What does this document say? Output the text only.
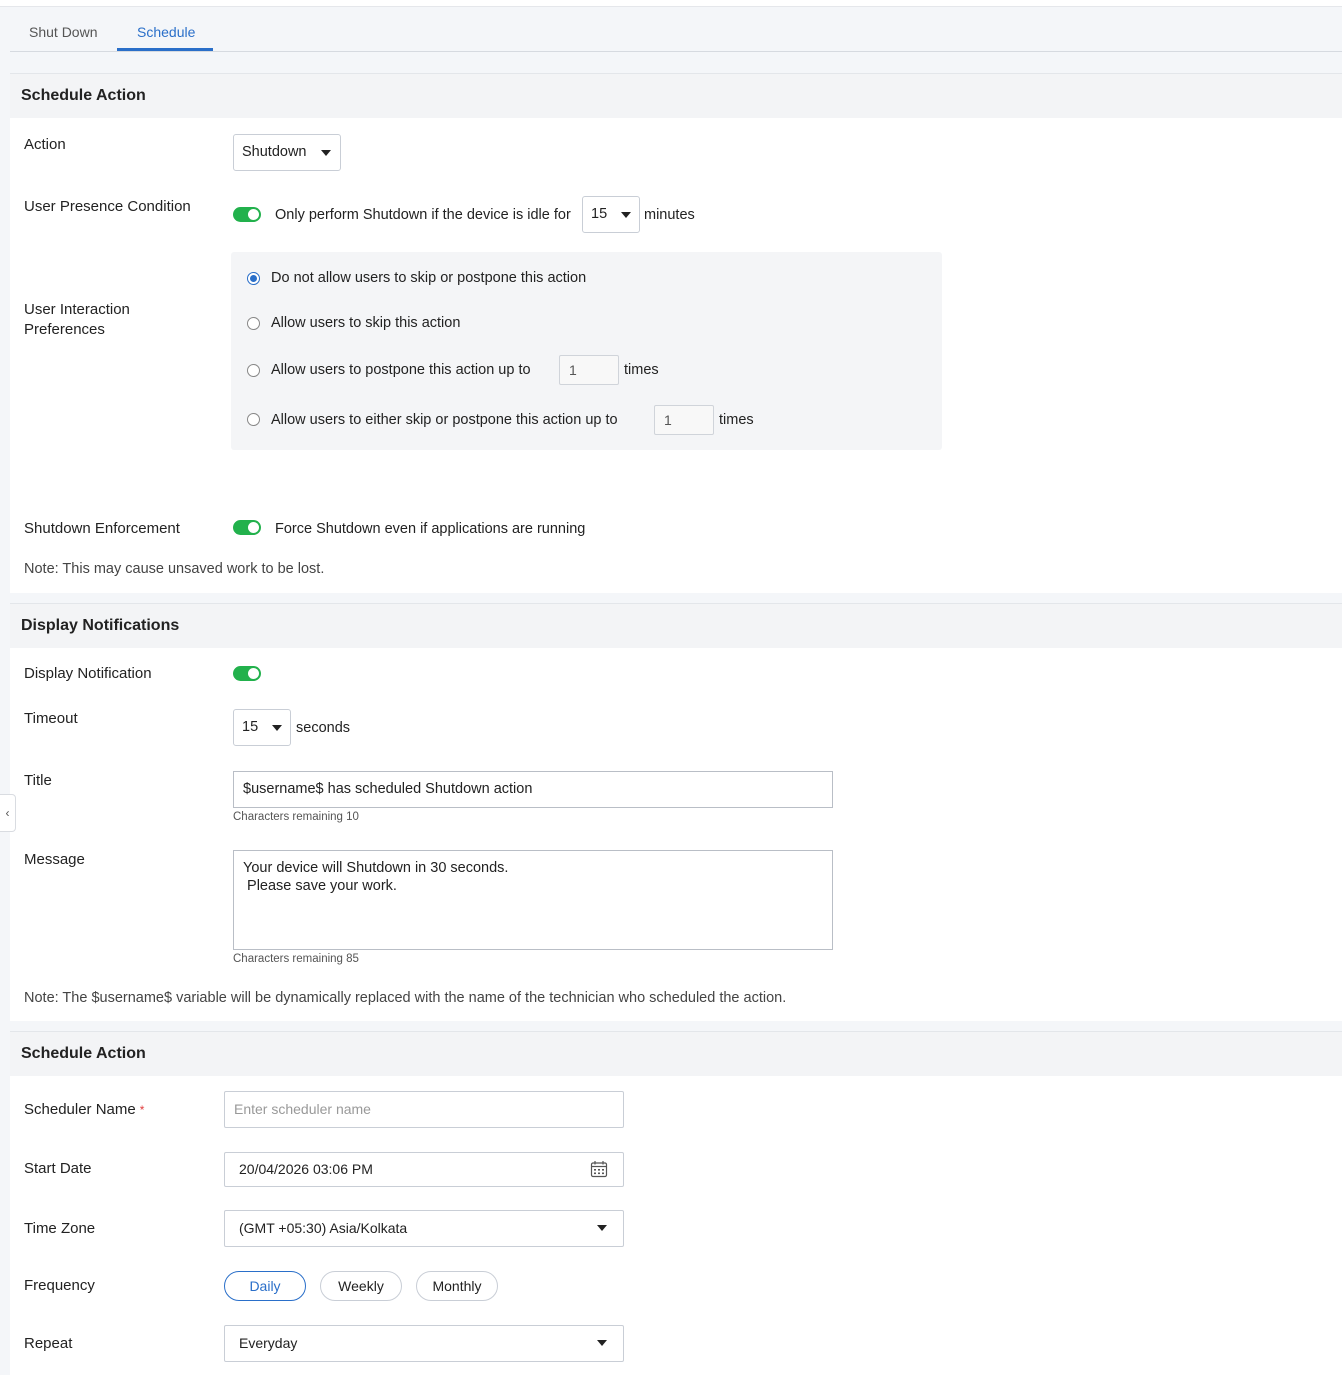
Shut Down	Schedule
Schedule Action
Action	Shutdown
User Presence Condition	Only perform Shutdown if the device is idle for	15	minutes
User Interaction Preferences
Do not allow users to skip or postpone this action
Allow users to skip this action
Allow users to postpone this action up to	1	times
Allow users to either skip or postpone this action up to	1	times
Shutdown Enforcement	Force Shutdown even if applications are running
Note: This may cause unsaved work to be lost.
Display Notifications
Display Notification
Timeout	15	seconds
Title	$username$ has scheduled Shutdown action
Characters remaining 10
Message	Your device will Shutdown in 30 seconds.
Please save your work.
Characters remaining 85
Note: The $username$ variable will be dynamically replaced with the name of the technician who scheduled the action.
Schedule Action
Scheduler Name *	Enter scheduler name
Start Date	20/04/2026 03:06 PM
Time Zone	(GMT +05:30) Asia/Kolkata
Frequency	Daily	Weekly	Monthly
Repeat	Everyday
‹
